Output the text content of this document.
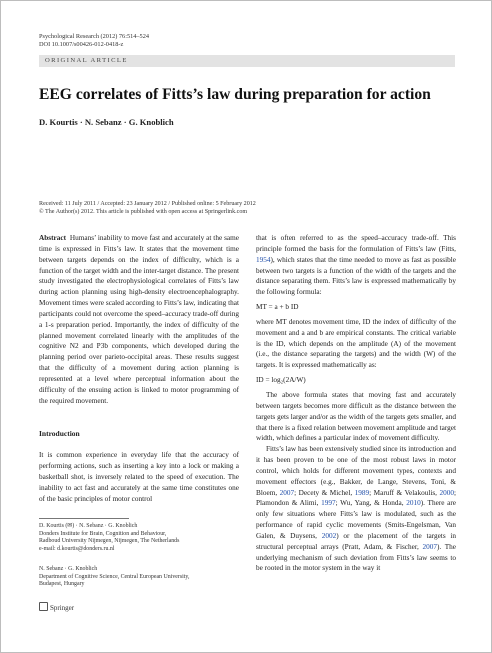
Psychological Research (2012) 76:514–524
DOI 10.1007/s00426-012-0418-z
ORIGINAL ARTICLE
EEG correlates of Fitts’s law during preparation for action
D. Kourtis · N. Sebanz · G. Knoblich
Received: 11 July 2011 / Accepted: 23 January 2012 / Published online: 5 February 2012
© The Author(s) 2012. This article is published with open access at Springerlink.com

Abstract Humans’ inability to move fast and accurately at the same time is expressed in Fitts’s law. It states that the movement time between targets depends on the index of difficulty, which is a function of the target width and the inter-target distance. The present study investigated the electrophysiological correlates of Fitts’s law during action planning using high-density electroencephalography. Movement times were scaled according to Fitts’s law, indicating that participants could not overcome the speed–accuracy trade-off during a 1-s preparation period. Importantly, the index of difficulty of the planned movement correlated linearly with the amplitudes of the cognitive N2 and P3b components, which developed during the planning period over parieto-occipital areas. These results suggest that the difficulty of a movement during action planning is represented at a level where perceptual information about the difficulty of the ensuing action is linked to motor programming of the required movement.

Introduction

It is common experience in everyday life that the accuracy of performing actions, such as inserting a key into a lock or making a basketball shot, is inversely related to the speed of execution. The inability to act fast and accurately at the same time constitutes one of the basic principles of motor control

that is often referred to as the speed–accuracy trade-off. This principle formed the basis for the formulation of Fitts’s law (Fitts, 1954), which states that the time needed to move as fast as possible between two targets is a function of the width of the targets and the distance separating them. Fitts’s law is expressed mathematically by the following formula:

MT = a + b ID

where MT denotes movement time, ID the index of difficulty of the movement and a and b are empirical constants. The critical variable is the ID, which depends on the amplitude (A) of the movement (i.e., the distance separating the targets) and the width (W) of the targets. It is expressed mathematically as:

ID = log₂(2A/W)

The above formula states that moving fast and accurately between targets becomes more difficult as the distance between the targets gets larger and/or as the width of the targets gets smaller, and that there is a fixed relation between movement amplitude and target width, which defines a particular index of movement difficulty.

Fitts’s law has been extensively studied since its introduction and it has been proven to be one of the most robust laws in motor control, which holds for different movement types, contexts and movement effectors (e.g., Bakker, de Lange, Stevens, Toni, & Bloem, 2007; Decety & Michel, 1989; Maruff & Velakoulis, 2000; Plamondon & Alimi, 1997; Wu, Yang, & Honda, 2010). There are only few situations where Fitts’s law is modulated, such as the performance of rapid cyclic movements (Smits-Engelsman, Van Galen, & Duysens, 2002) or the placement of the targets in structural perceptual arrays (Pratt, Adam, & Fischer, 2007). The underlying mechanism of such deviation from Fitts’s law seems to be rooted in the motor system in the way it

D. Kourtis (✉) · N. Sebanz · G. Knoblich
Donders Institute for Brain, Cognition and Behaviour,
Radboud University Nijmegen, Nijmegen, The Netherlands
e-mail: d.kourtis@donders.ru.nl
N. Sebanz · G. Knoblich
Department of Cognitive Science, Central European University,
Budapest, Hungary
Springer
